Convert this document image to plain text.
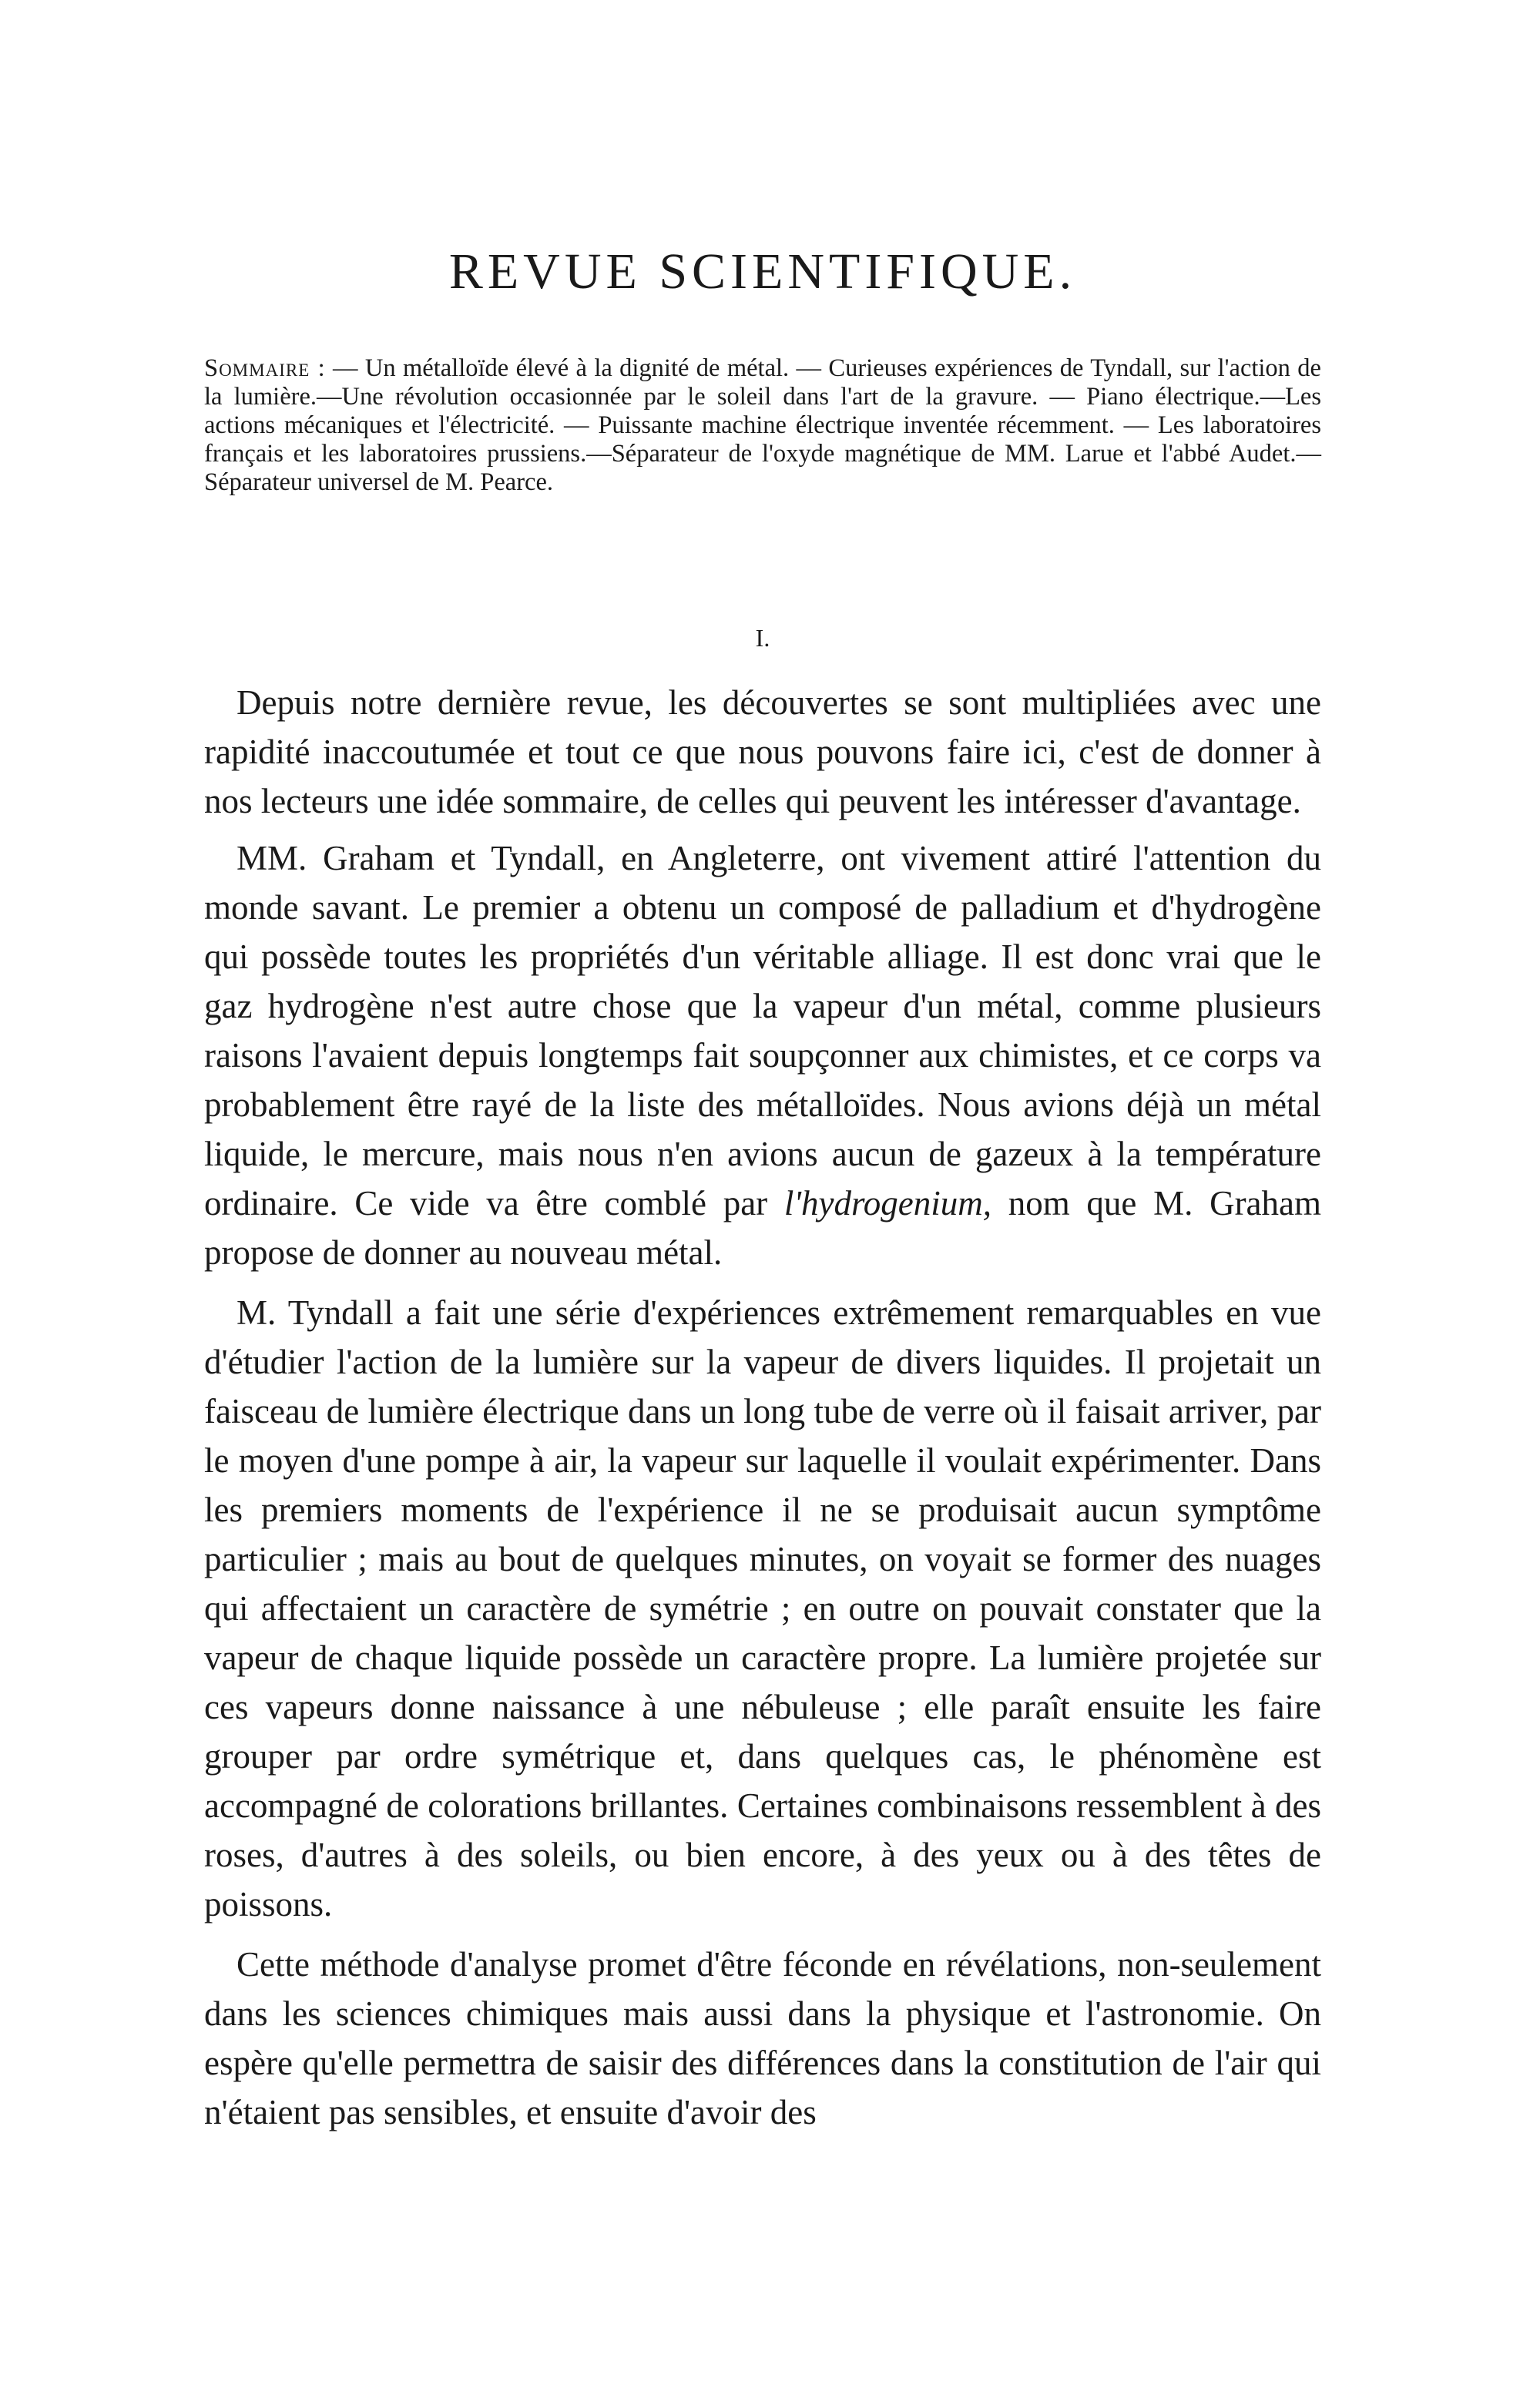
REVUE SCIENTIFIQUE.

Sommaire : — Un métalloïde élevé à la dignité de métal. — Curieuses expériences de Tyndall, sur l'action de la lumière.—Une révolution occasionnée par le soleil dans l'art de la gravure. — Piano électrique.—Les actions mécaniques et l'électricité. — Puissante machine électrique inventée récemment. — Les laboratoires français et les laboratoires prussiens.—Séparateur de l'oxyde magnétique de MM. Larue et l'abbé Audet.—Séparateur universel de M. Pearce.

I.

Depuis notre dernière revue, les découvertes se sont multipliées avec une rapidité inaccoutumée et tout ce que nous pouvons faire ici, c'est de donner à nos lecteurs une idée sommaire, de celles qui peuvent les intéresser d'avantage.

MM. Graham et Tyndall, en Angleterre, ont vivement attiré l'attention du monde savant. Le premier a obtenu un composé de palladium et d'hydrogène qui possède toutes les propriétés d'un véritable alliage. Il est donc vrai que le gaz hydrogène n'est autre chose que la vapeur d'un métal, comme plusieurs raisons l'avaient depuis longtemps fait soupçonner aux chimistes, et ce corps va probablement être rayé de la liste des métalloïdes. Nous avions déjà un métal liquide, le mercure, mais nous n'en avions aucun de gazeux à la température ordinaire. Ce vide va être comblé par l'hydrogenium, nom que M. Graham propose de donner au nouveau métal.

M. Tyndall a fait une série d'expériences extrêmement remarquables en vue d'étudier l'action de la lumière sur la vapeur de divers liquides. Il projetait un faisceau de lumière électrique dans un long tube de verre où il faisait arriver, par le moyen d'une pompe à air, la vapeur sur laquelle il voulait expérimenter. Dans les premiers moments de l'expérience il ne se produisait aucun symptôme particulier ; mais au bout de quelques minutes, on voyait se former des nuages qui affectaient un caractère de symétrie ; en outre on pouvait constater que la vapeur de chaque liquide possède un caractère propre. La lumière projetée sur ces vapeurs donne naissance à une nébuleuse ; elle paraît ensuite les faire grouper par ordre symétrique et, dans quelques cas, le phénomène est accompagné de colorations brillantes. Certaines combinaisons ressemblent à des roses, d'autres à des soleils, ou bien encore, à des yeux ou à des têtes de poissons.

Cette méthode d'analyse promet d'être féconde en révélations, non-seulement dans les sciences chimiques mais aussi dans la physique et l'astronomie. On espère qu'elle permettra de saisir des différences dans la constitution de l'air qui n'étaient pas sensibles, et ensuite d'avoir des
